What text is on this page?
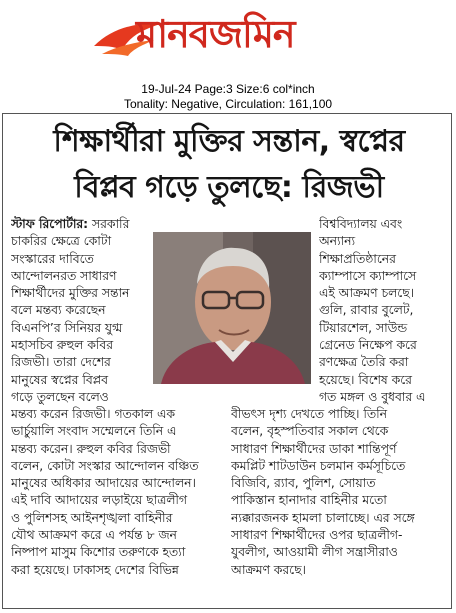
মানবজমিন
19-Jul-24 Page:3 Size:6 col*inch
Tonality: Negative, Circulation: 161,100
শিক্ষার্থীরা মুক্তির সন্তান, স্বপ্নের
বিপ্লব গড়ে তুলছে: রিজভী
স্টাফ রিপোর্টার: সরকারি
চাকরির ক্ষেত্রে কোটা
সংস্কারের দাবিতে
আন্দোলনরত সাধারণ
শিক্ষার্থীদের মুক্তির সন্তান
বলে মন্তব্য করেছেন
বিএনপি’র সিনিয়র যুগ্ম
মহাসচিব রুহুল কবির
রিজভী। তারা দেশের
মানুষের স্বপ্নের বিপ্লব
গড়ে তুলছেন বলেও
বিশ্ববিদ্যালয় এবং
অন্যান্য
শিক্ষাপ্রতিষ্ঠানের
ক্যাম্পাসে ক্যাম্পাসে
এই আক্রমণ চলছে।
গুলি, রাবার বুলেট,
টিয়ারশেল, সাউন্ড
গ্রেনেড নিক্ষেপ করে
রণক্ষেত্র তৈরি করা
হয়েছে। বিশেষ করে
গত মঙ্গল ও বুধবার এ
মন্তব্য করেন রিজভী। গতকাল এক
ভার্চুয়ালি সংবাদ সম্মেলনে তিনি এ
মন্তব্য করেন। রুহুল কবির রিজভী
বলেন, কোটা সংস্কার আন্দোলন বঞ্চিত
মানুষের অধিকার আদায়ের আন্দোলন।
এই দাবি আদায়ের লড়াইয়ে ছাত্রলীগ
ও পুলিশসহ আইনশৃঙ্খলা বাহিনীর
যৌথ আক্রমণ করে এ পর্যন্ত ৮ জন
নিষ্পাপ মাসুম কিশোর তরুণকে হত্যা
করা হয়েছে। ঢাকাসহ দেশের বিভিন্ন
বীভৎস দৃশ্য দেখতে পাচ্ছি। তিনি
বলেন, বৃহস্পতিবার সকাল থেকে
সাধারণ শিক্ষার্থীদের ডাকা শান্তিপূর্ণ
কমপ্লিট শাটডাউন চলমান কর্মসূচিতে
বিজিবি, র‌্যাব, পুলিশ, সোয়াত
পাকিস্তান হানাদার বাহিনীর মতো
ন্যক্কারজনক হামলা চালাচ্ছে। এর সঙ্গে
সাধারণ শিক্ষার্থীদের ওপর ছাত্রলীগ-
যুবলীগ, আওয়ামী লীগ সন্ত্রাসীরাও
আক্রমণ করছে।
